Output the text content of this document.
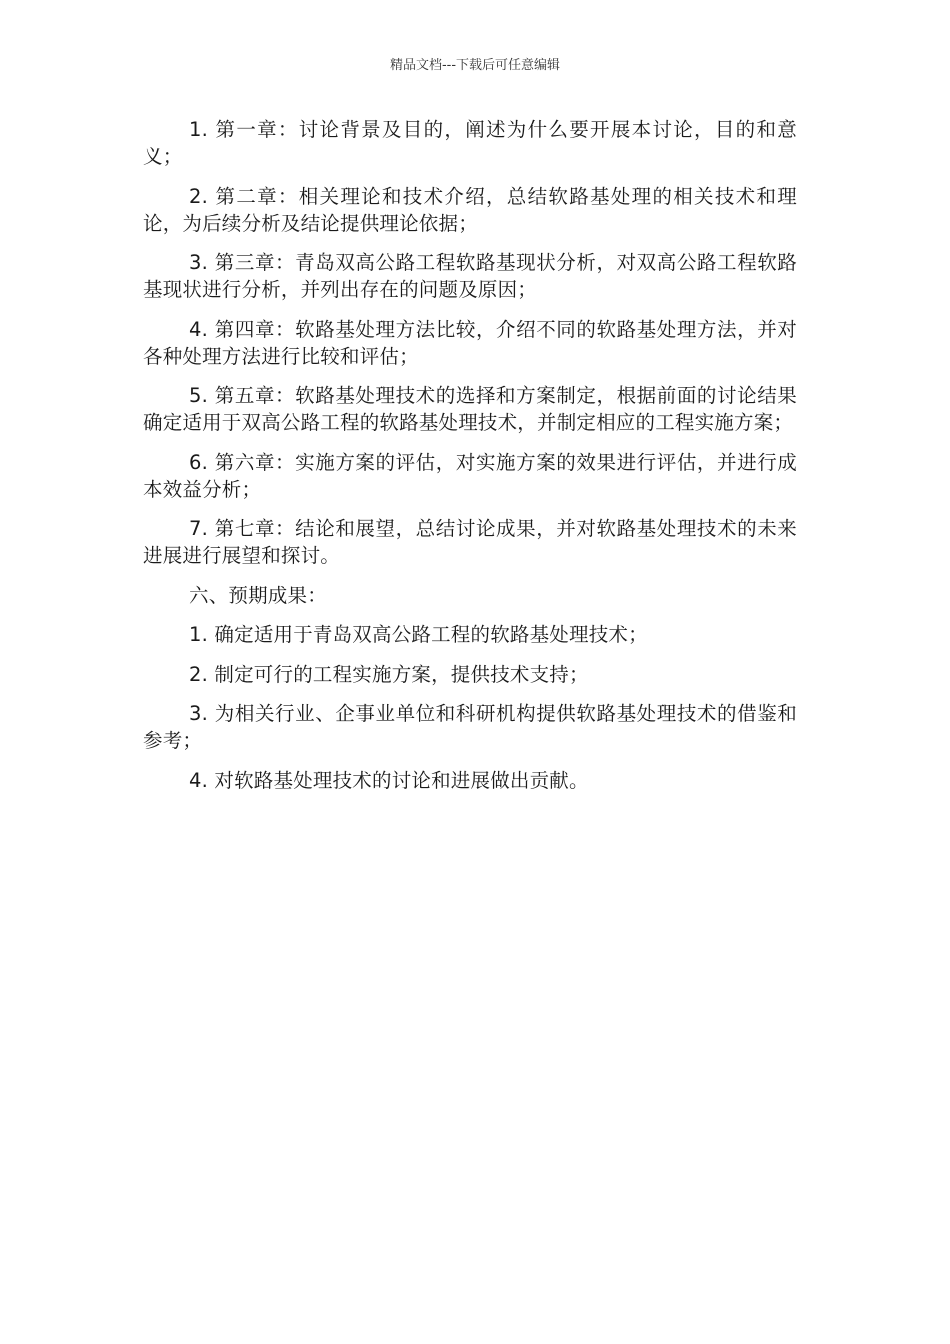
精品文档---下载后可任意编辑

1. 第一章：讨论背景及目的，阐述为什么要开展本讨论，目的和意义；

2. 第二章：相关理论和技术介绍，总结软路基处理的相关技术和理论，为后续分析及结论提供理论依据；

3. 第三章：青岛双高公路工程软路基现状分析，对双高公路工程软路基现状进行分析，并列出存在的问题及原因；

4. 第四章：软路基处理方法比较，介绍不同的软路基处理方法，并对各种处理方法进行比较和评估；

5. 第五章：软路基处理技术的选择和方案制定，根据前面的讨论结果确定适用于双高公路工程的软路基处理技术，并制定相应的工程实施方案；

6. 第六章：实施方案的评估，对实施方案的效果进行评估，并进行成本效益分析；

7. 第七章：结论和展望，总结讨论成果，并对软路基处理技术的未来进展进行展望和探讨。

六、预期成果：

1. 确定适用于青岛双高公路工程的软路基处理技术；

2. 制定可行的工程实施方案，提供技术支持；

3. 为相关行业、企事业单位和科研机构提供软路基处理技术的借鉴和参考；

4. 对软路基处理技术的讨论和进展做出贡献。
